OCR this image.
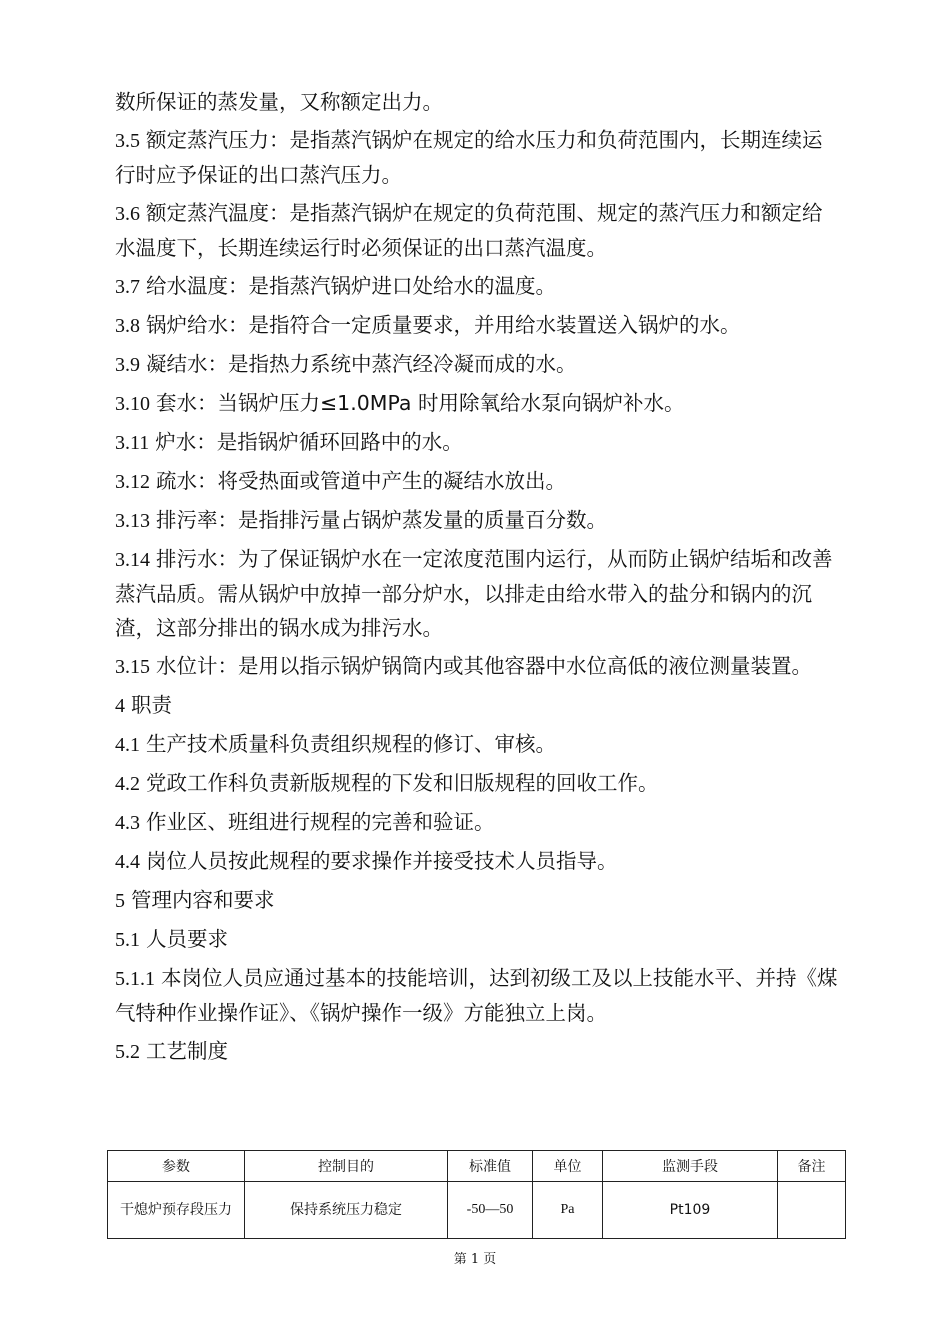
数所保证的蒸发量，又称额定出力。

3.5 额定蒸汽压力：是指蒸汽锅炉在规定的给水压力和负荷范围内，长期连续运行时应予保证的出口蒸汽压力。

3.6 额定蒸汽温度：是指蒸汽锅炉在规定的负荷范围、规定的蒸汽压力和额定给水温度下，长期连续运行时必须保证的出口蒸汽温度。

3.7 给水温度：是指蒸汽锅炉进口处给水的温度。

3.8 锅炉给水：是指符合一定质量要求，并用给水装置送入锅炉的水。

3.9 凝结水：是指热力系统中蒸汽经冷凝而成的水。

3.10 套水：当锅炉压力≤1.0MPa 时用除氧给水泵向锅炉补水。

3.11 炉水：是指锅炉循环回路中的水。

3.12 疏水：将受热面或管道中产生的凝结水放出。

3.13 排污率：是指排污量占锅炉蒸发量的质量百分数。

3.14 排污水：为了保证锅炉水在一定浓度范围内运行，从而防止锅炉结垢和改善蒸汽品质。需从锅炉中放掉一部分炉水，以排走由给水带入的盐分和锅内的沉渣，这部分排出的锅水成为排污水。

3.15 水位计：是用以指示锅炉锅筒内或其他容器中水位高低的液位测量装置。

4 职责

4.1 生产技术质量科负责组织规程的修订、审核。

4.2 党政工作科负责新版规程的下发和旧版规程的回收工作。

4.3 作业区、班组进行规程的完善和验证。

4.4 岗位人员按此规程的要求操作并接受技术人员指导。

5 管理内容和要求

5.1 人员要求

5.1.1 本岗位人员应通过基本的技能培训，达到初级工及以上技能水平、并持《煤气特种作业操作证》、《锅炉操作一级》方能独立上岗。

5.2 工艺制度

参数	控制目的	标准值	单位	监测手段	备注
干熄炉预存段压力	保持系统压力稳定	-50—50	Pa	Pt109	
第 1 页
